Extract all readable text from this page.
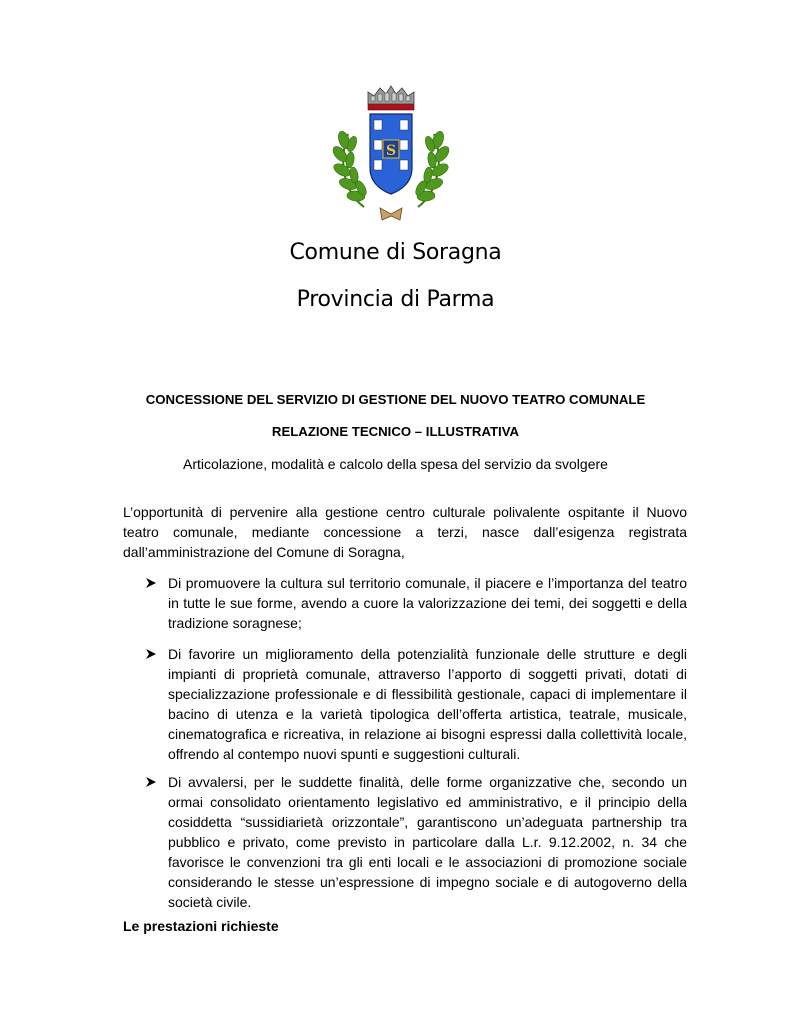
S
Comune di Soragna
Provincia di Parma
CONCESSIONE DEL SERVIZIO DI GESTIONE DEL NUOVO TEATRO COMUNALE
RELAZIONE TECNICO – ILLUSTRATIVA
Articolazione, modalità e calcolo della spesa del servizio da svolgere
L’opportunità di pervenire alla gestione centro culturale polivalente ospitante il Nuovo teatro comunale, mediante concessione a terzi, nasce dall’esigenza registrata dall’amministrazione del Comune di Soragna,
Di promuovere la cultura sul territorio comunale, il piacere e l’importanza del teatro in tutte le sue forme, avendo a cuore la valorizzazione dei temi, dei soggetti e della tradizione soragnese;
Di favorire un miglioramento della potenzialità funzionale delle strutture e degli impianti di proprietà comunale, attraverso l’apporto di soggetti privati, dotati di specializzazione professionale e di flessibilità gestionale, capaci di implementare il bacino di utenza e la varietà tipologica dell’offerta artistica, teatrale, musicale, cinematografica e ricreativa, in relazione ai bisogni espressi dalla collettività locale, offrendo al contempo nuovi spunti e suggestioni culturali.
Di avvalersi, per le suddette finalità, delle forme organizzative che, secondo un ormai consolidato orientamento legislativo ed amministrativo, e il principio della cosiddetta “sussidiarietà orizzontale”, garantiscono un’adeguata partnership tra pubblico e privato, come previsto in particolare dalla L.r. 9.12.2002, n. 34 che favorisce le convenzioni tra gli enti locali e le associazioni di promozione sociale considerando le stesse un’espressione di impegno sociale e di autogoverno della società civile.
Le prestazioni richieste
